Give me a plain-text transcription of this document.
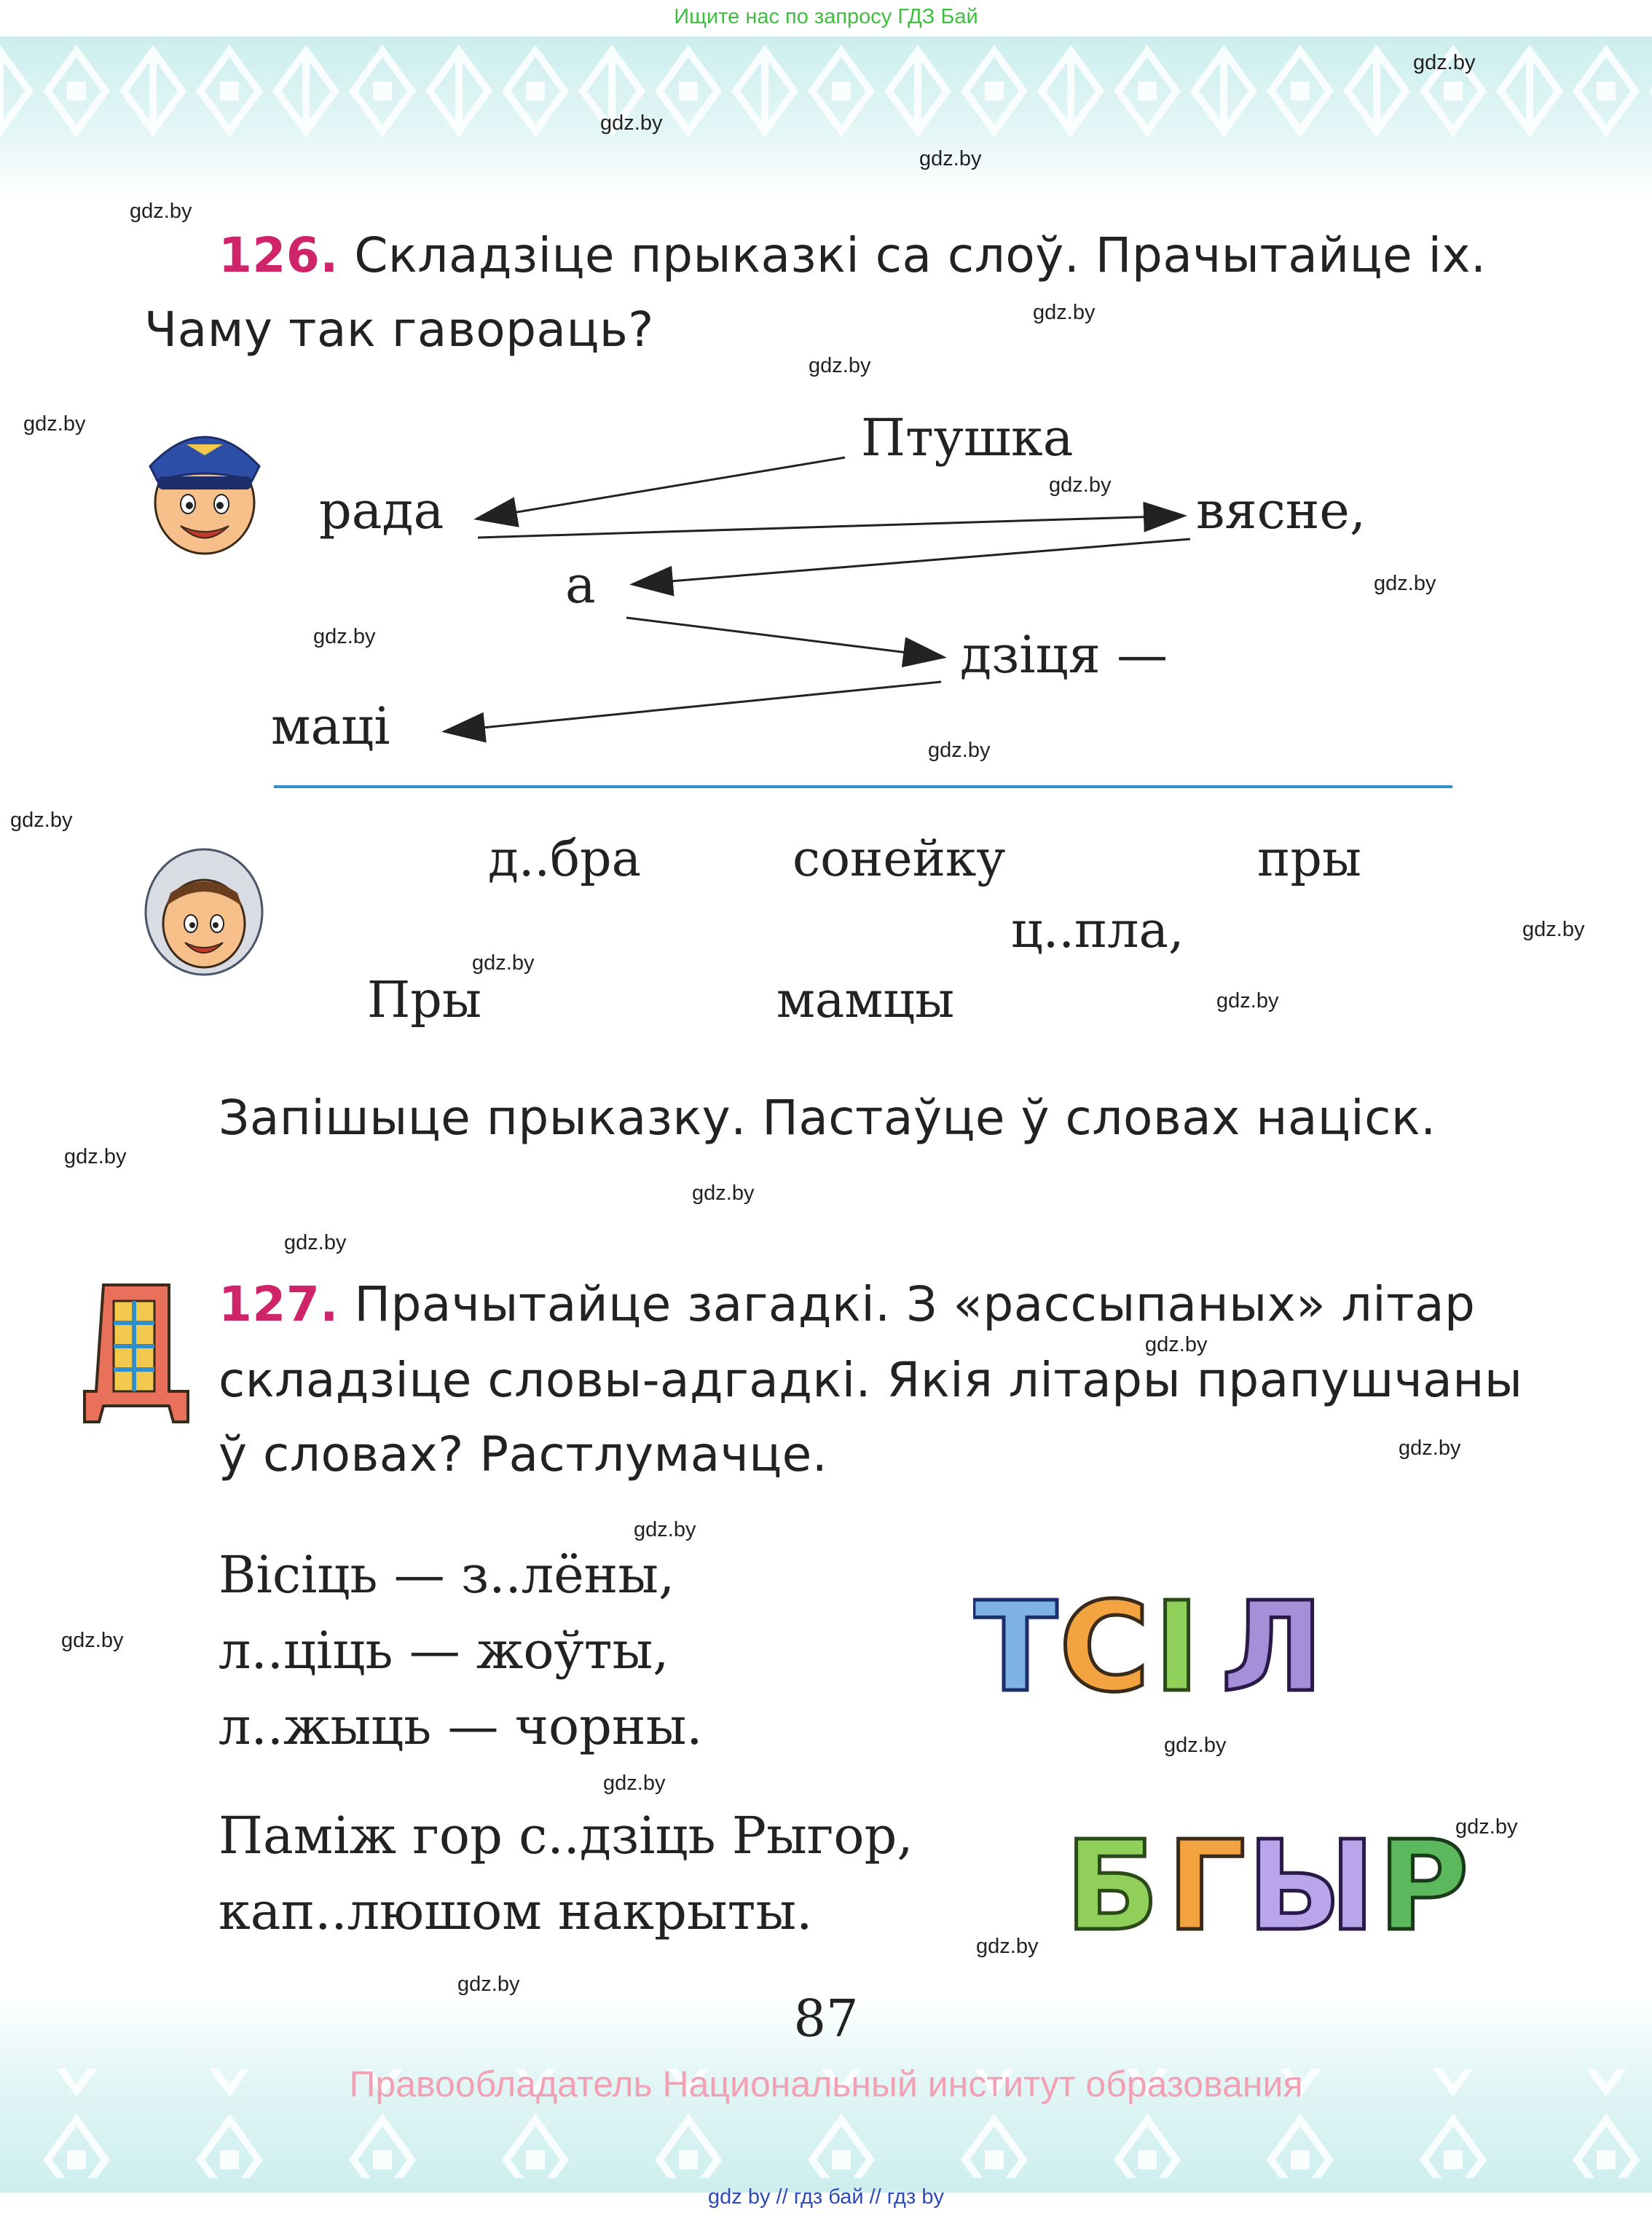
Ищите нас по запросу ГДЗ Бай
gdz.by
gdz.by
gdz.by
gdz.by
gdz.by
gdz.by
gdz.by
gdz.by
gdz.by
gdz.by
gdz.by
gdz.by
gdz.by
gdz.by
gdz.by
gdz.by
gdz.by
gdz.by
gdz.by
gdz.by
gdz.by
gdz.by
gdz.by
gdz.by
gdz.by
gdz.by
gdz.by
126. Складзіце прыказкі са слоў. Прачытайце іх.
Чаму так гавораць?
Птушка
рада	вясне,
а
дзіця —
маці
д..бра	сонейку	пры
ц..пла,
Пры	мамцы
Запішыце прыказку. Пастаўце ў словах націск.
127. Прачытайце загадкі. З «рассыпаных» літар
складзіце словы-адгадкі. Якія літары прапушчаны
ў словах? Растлумачце.
Вісіць — з..лёны,
л..ціць — жоўты,
л..жыць — чорны.
Т С І Л
Паміж гор с..дзіць Рыгор,
кап..люшом накрыты.	Б Г Ы Р
87
Правообладатель Национальный институт образования
gdz by // гдз бай // гдз by
